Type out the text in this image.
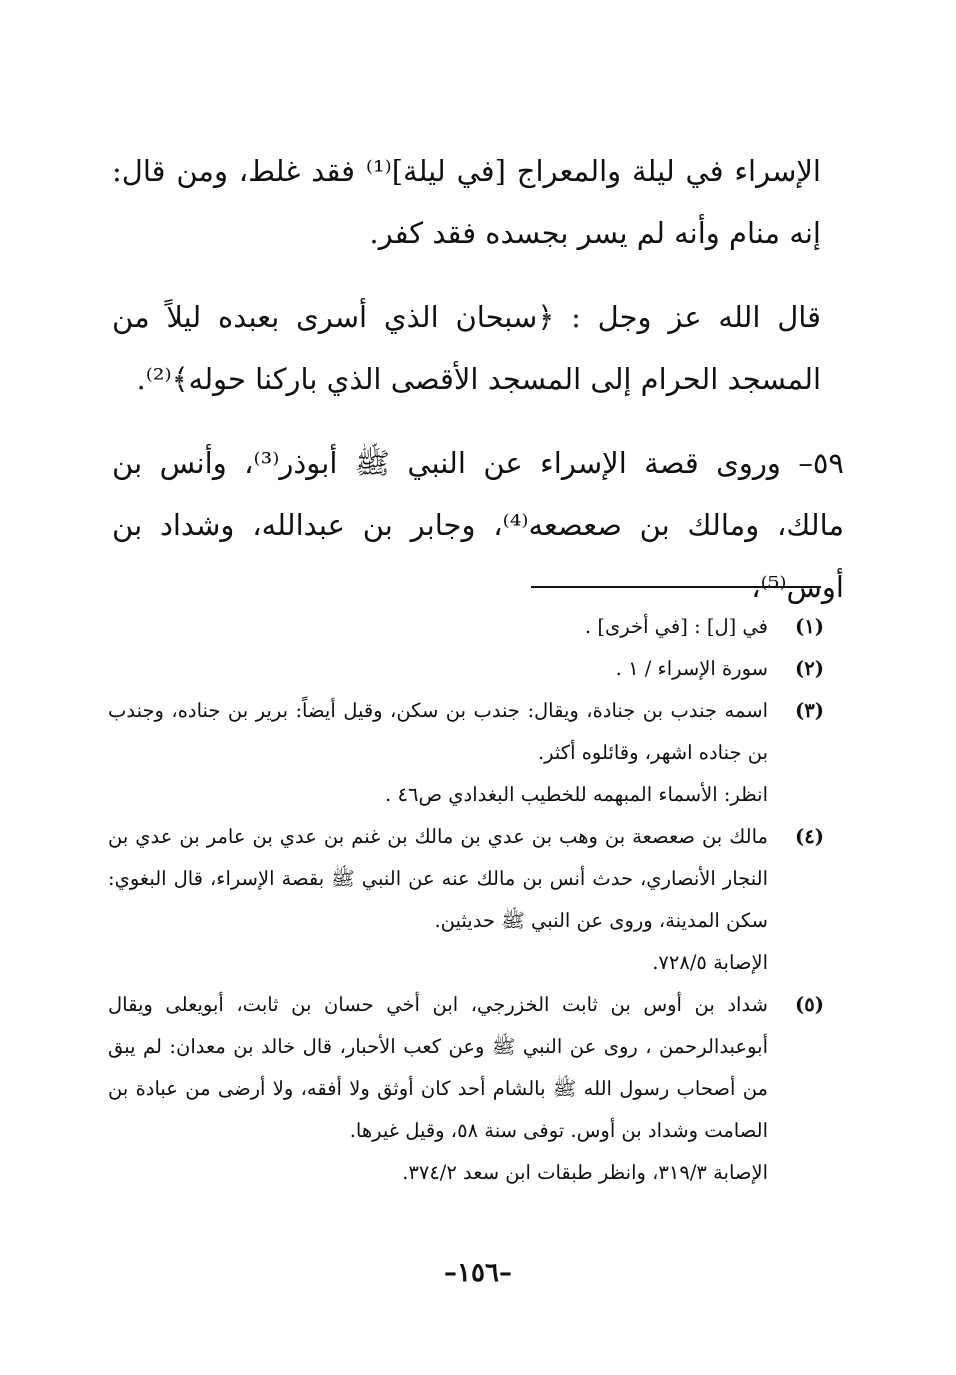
الإسراء في ليلة والمعراج [في ليلة]⁽¹⁾ فقد غلط، ومن قال: إنه منام وأنه لم يسر بجسده فقد كفر.
قال الله عز وجل : ﴿سبحان الذي أسرى بعبده ليلاً من المسجد الحرام إلى المسجد الأقصى الذي باركنا حوله﴾⁽²⁾.
٥٩– وروى قصة الإسراء عن النبي ﷺ أبوذر⁽³⁾، وأنس بن مالك، ومالك بن صعصعه⁽⁴⁾، وجابر بن عبدالله، وشداد بن أوس⁽⁵⁾،
(١)
في [ل] : [في أخرى] .
(٢)
سورة الإسراء / ١ .
(٣)
اسمه جندب بن جنادة، ويقال: جندب بن سكن، وقيل أيضاً: برير بن جناده، وجندب بن جناده اشهر، وقائلوه أكثر.
انظر: الأسماء المبهمه للخطيب البغدادي ص٤٦ .
(٤)
مالك بن صعصعة بن وهب بن عدي بن مالك بن غنم بن عدي بن عامر بن عدي بن النجار الأنصاري، حدث أنس بن مالك عنه عن النبي ﷺ بقصة الإسراء، قال البغوي: سكن المدينة، وروى عن النبي ﷺ حديثين.
الإصابة ٧٢٨/٥.
(٥)
شداد بن أوس بن ثابت الخزرجي، ابن أخي حسان بن ثابت، أبويعلى ويقال أبوعبدالرحمن ، روى عن النبي ﷺ وعن كعب الأحبار، قال خالد بن معدان: لم يبق من أصحاب رسول الله ﷺ بالشام أحد كان أوثق ولا أفقه، ولا أرضى من عبادة بن الصامت وشداد بن أوس. توفى سنة ٥٨، وقيل غيرها.
الإصابة ٣١٩/٣، وانظر طبقات ابن سعد ٣٧٤/٢.
–١٥٦–
